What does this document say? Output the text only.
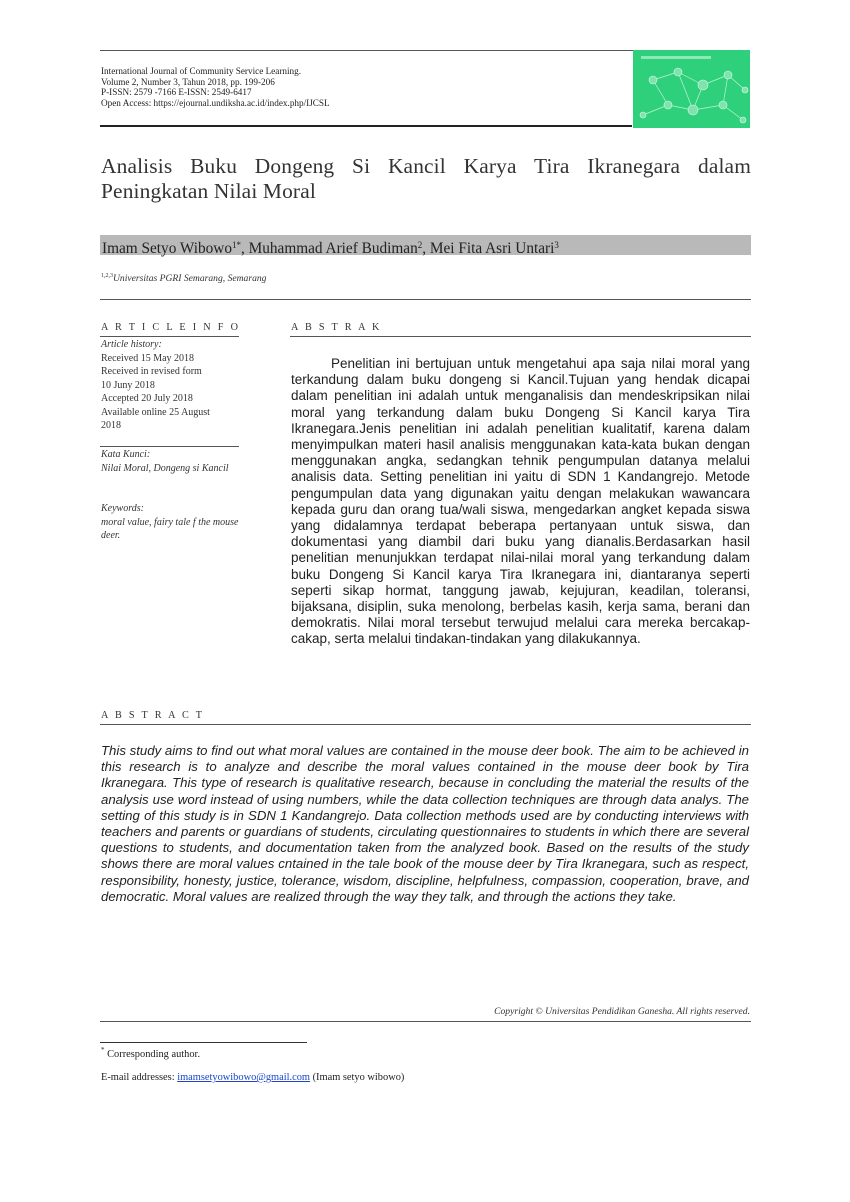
International Journal of Community Service Learning.
Volume 2, Number 3, Tahun 2018, pp. 199-206
P-ISSN: 2579 -7166 E-ISSN: 2549-6417
Open Access: https://ejournal.undiksha.ac.id/index.php/IJCSL
Analisis Buku Dongeng Si Kancil Karya Tira Ikranegara dalam Peningkatan Nilai Moral
Imam Setyo Wibowo$^{1*}$, Muhammad Arief Budiman$^2$, Mei Fita Asri Untari$^3$
$^{1,2,3}$Universitas PGRI Semarang, Semarang
A R T I C L E I N F O
Article history:
Received 15 May 2018
Received in revised form
10 Juny 2018
Accepted 20 July 2018
Available online 25 August
2018
Kata Kunci:
Nilai Moral, Dongeng si Kancil
Keywords:
moral value, fairy tale f the mouse deer.
A B S T R A K
Penelitian ini bertujuan untuk mengetahui apa saja nilai moral yang terkandung dalam buku dongeng si Kancil.Tujuan yang hendak dicapai dalam penelitian ini adalah untuk menganalisis dan mendeskripsikan nilai moral yang terkandung dalam buku Dongeng Si Kancil karya Tira Ikranegara.Jenis penelitian ini adalah penelitian kualitatif, karena dalam menyimpulkan materi hasil analisis menggunakan kata-kata bukan dengan menggunakan angka, sedangkan tehnik pengumpulan datanya melalui analisis data. Setting penelitian ini yaitu di SDN 1 Kandangrejo. Metode pengumpulan data yang digunakan yaitu dengan melakukan wawancara kepada guru dan orang tua/wali siswa, mengedarkan angket kepada siswa yang didalamnya terdapat beberapa pertanyaan untuk siswa, dan dokumentasi yang diambil dari buku yang dianalis.Berdasarkan hasil penelitian menunjukkan terdapat nilai-nilai moral yang terkandung dalam buku Dongeng Si Kancil karya Tira Ikranegara ini, diantaranya seperti seperti sikap hormat, tanggung jawab, kejujuran, keadilan, toleransi, bijaksana, disiplin, suka menolong, berbelas kasih, kerja sama, berani dan demokratis. Nilai moral tersebut terwujud melalui cara mereka bercakap- cakap, serta melalui tindakan-tindakan yang dilakukannya.
A B S T R A C T
This study aims to find out what moral values are contained in the mouse deer book. The aim to be achieved in this research is to analyze and describe the moral values contained in the mouse deer book by Tira Ikranegara. This type of research is qualitative research, because in concluding the material the results of the analysis use word instead of using numbers, while the data collection techniques are through data analys. The setting of this study is in SDN 1 Kandangrejo. Data collection methods used are by conducting interviews with teachers and parents or guardians of students, circulating questionnaires to students in which there are several questions to students, and documentation taken from the analyzed book. Based on the results of the study shows there are moral values cntained in the tale book of the mouse deer by Tira Ikranegara, such as respect, responsibility, honesty, justice, tolerance, wisdom, discipline, helpfulness, compassion, cooperation, brave, and democratic. Moral values are realized through the way they talk, and through the actions they take.
Copyright © Universitas Pendidikan Ganesha. All rights reserved.
* Corresponding author.
E-mail addresses: imamsetyowibowo@gmail.com (Imam setyo wibowo)
